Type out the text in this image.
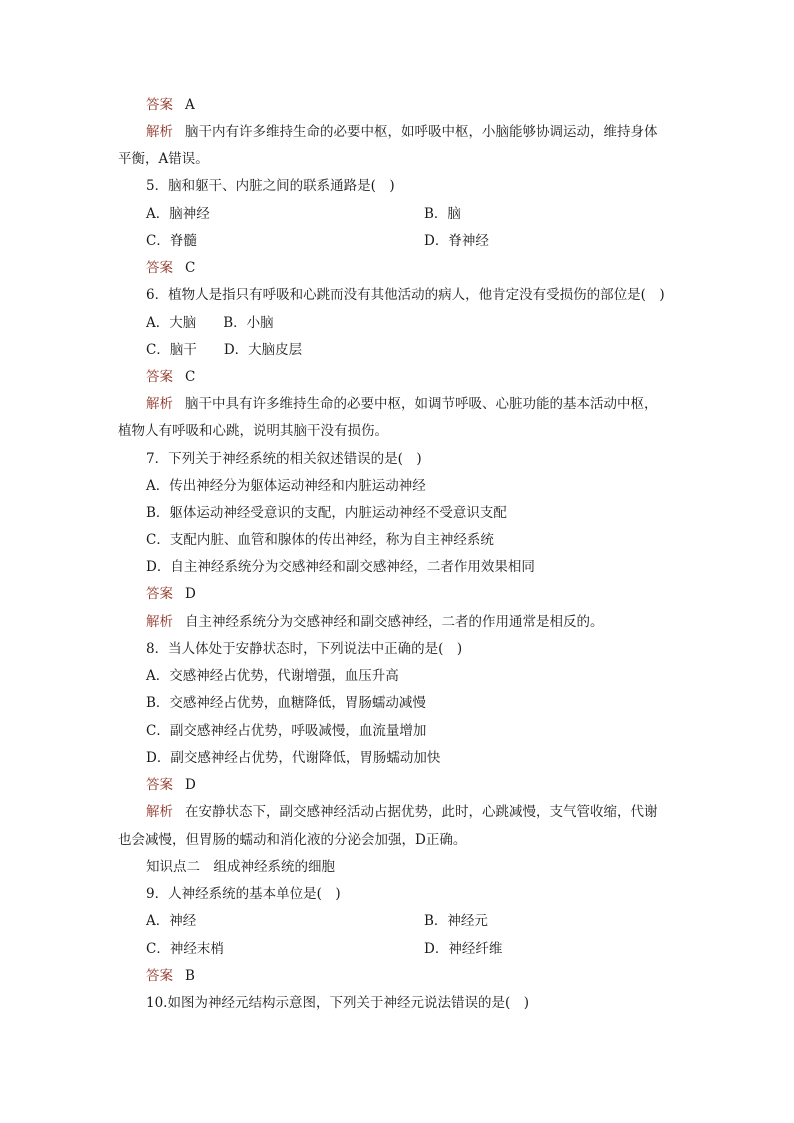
答案 A
解析 脑干内有许多维持生命的必要中枢，如呼吸中枢，小脑能够协调运动，维持身体
平衡，A错误。
5．脑和躯干、内脏之间的联系通路是(　)
A．脑神经	B．脑
C．脊髓	D．脊神经
答案 C
6．植物人是指只有呼吸和心跳而没有其他活动的病人，他肯定没有受损伤的部位是(　)
A．大脑　　B．小脑
C．脑干　　D．大脑皮层
答案 C
解析 脑干中具有许多维持生命的必要中枢，如调节呼吸、心脏功能的基本活动中枢，
植物人有呼吸和心跳，说明其脑干没有损伤。
7．下列关于神经系统的相关叙述错误的是(　)
A．传出神经分为躯体运动神经和内脏运动神经
B．躯体运动神经受意识的支配，内脏运动神经不受意识支配
C．支配内脏、血管和腺体的传出神经，称为自主神经系统
D．自主神经系统分为交感神经和副交感神经，二者作用效果相同
答案 D
解析 自主神经系统分为交感神经和副交感神经，二者的作用通常是相反的。
8．当人体处于安静状态时，下列说法中正确的是(　)
A．交感神经占优势，代谢增强，血压升高
B．交感神经占优势，血糖降低，胃肠蠕动减慢
C．副交感神经占优势，呼吸减慢，血流量增加
D．副交感神经占优势，代谢降低，胃肠蠕动加快
答案 D
解析 在安静状态下，副交感神经活动占据优势，此时，心跳减慢，支气管收缩，代谢
也会减慢，但胃肠的蠕动和消化液的分泌会加强，D正确。
知识点二　组成神经系统的细胞
9．人神经系统的基本单位是(　)
A．神经	B．神经元
C．神经末梢	D．神经纤维
答案 B
10.如图为神经元结构示意图，下列关于神经元说法错误的是(　)
